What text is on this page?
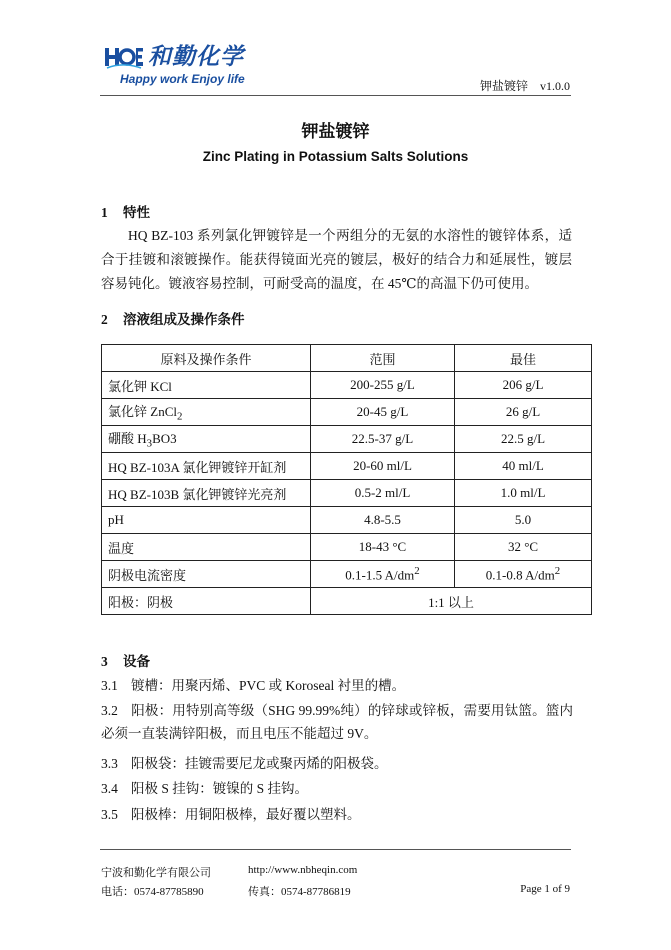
和勤化学
Happy work Enjoy life	钾盐镀锌 v1.0.0
钾盐镀锌
Zinc Plating in Potassium Salts Solutions
1 特性

HQ BZ-103 系列氯化钾镀锌是一个两组分的无氨的水溶性的镀锌体系，适合于挂镀和滚镀操作。能获得镜面光亮的镀层，极好的结合力和延展性，镀层容易钝化。镀液容易控制，可耐受高的温度，在 45℃的高温下仍可使用。

2 溶液组成及操作条件
原料及操作条件	范围	最佳
氯化钾 KCl	200-255 g/L	206 g/L
氯化锌 ZnCl$_2$	20-45 g/L	26 g/L
硼酸 $H_3BO3$	22.5-37 g/L	22.5 g/L
HQ BZ-103A 氯化钾镀锌开缸剂	20-60 ml/L	40 ml/L
HQ BZ-103B 氯化钾镀锌光亮剂	0.5-2 ml/L	1.0 ml/L
pH	4.8-5.5	5.0
温度	18-43 °C	32 °C
阴极电流密度	0.1-1.5 $A/dm^2$	0.1-0.8 $A/dm^2$
阳极：阴极	1:1 以上	
3 设备
3.1 镀槽：用聚丙烯、PVC 或 Koroseal 衬里的槽。
3.2 阳极：用特别高等级（SHG 99.99%纯）的锌球或锌板，需要用钛篮。篮内必须一直装满锌阳极，而且电压不能超过 9V。
3.3 阳极袋：挂镀需要尼龙或聚丙烯的阳极袋。
3.4 阳极 S 挂钩：镀镍的 S 挂钩。
3.5 阳极棒：用铜阳极棒，最好覆以塑料。
宁波和勤化学有限公司	http://www.nbheqin.com
电话：0574-87785890	传真：0574-87786819	Page 1 of 9
